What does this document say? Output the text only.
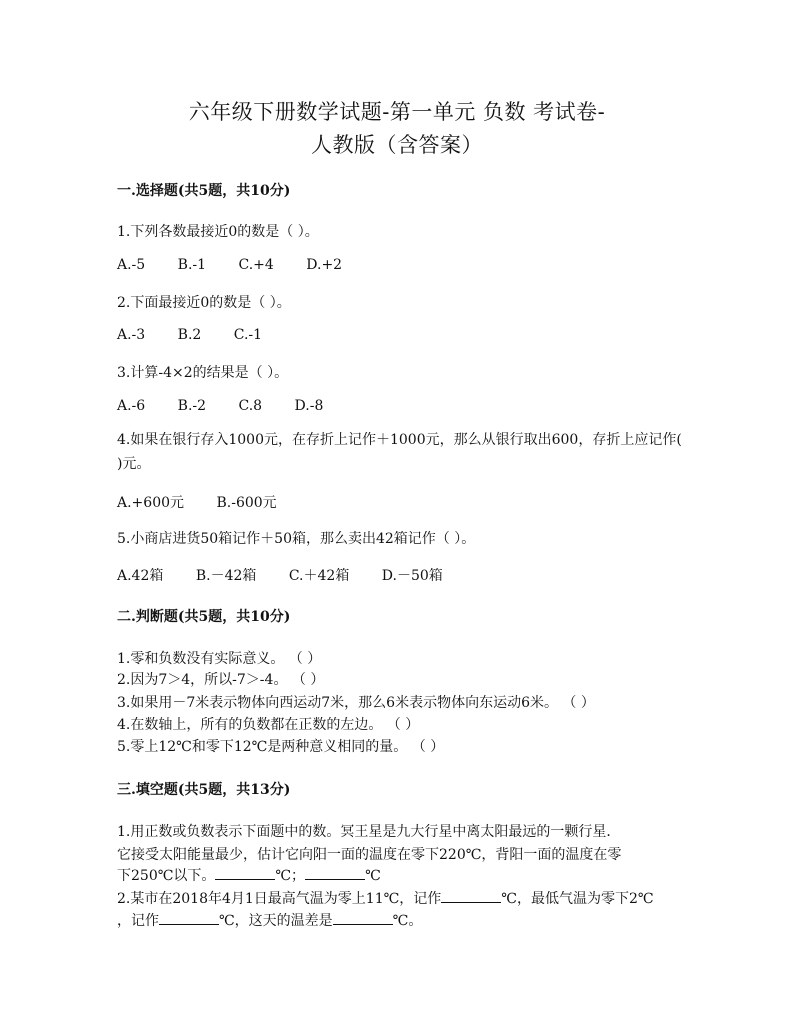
六年级下册数学试题-第一单元 负数 考试卷-
人教版（含答案）
一.选择题(共5题，共10分)
1.下列各数最接近0的数是（ ）。
A.-5 B.-1 C.+4 D.+2
2.下面最接近0的数是（ ）。
A.-3 B.2 C.-1
3.计算-4×2的结果是（ ）。
A.-6 B.-2 C.8 D.-8
4.如果在银行存入1000元，在存折上记作＋1000元，那么从银行取出600，存折上应记作( )元。
A.+600元 B.-600元
5.小商店进货50箱记作＋50箱，那么卖出42箱记作（ ）。
A.42箱 B.－42箱 C.＋42箱 D.－50箱
二.判断题(共5题，共10分)
1.零和负数没有实际意义。 （ ）
2.因为7＞4，所以-7＞-4。 （ ）
3.如果用－7米表示物体向西运动7米，那么6米表示物体向东运动6米。 （ ）
4.在数轴上，所有的负数都在正数的左边。 （ ）
5.零上12℃和零下12℃是两种意义相同的量。 （ ）
三.填空题(共5题，共13分)
1.用正数或负数表示下面题中的数。冥王星是九大行星中离太阳最远的一颗行星．
它接受太阳能量最少，估计它向阳一面的温度在零下220℃，背阳一面的温度在零
下250℃以下。	℃；	℃
2.某市在2018年4月1日最高气温为零上11℃，记作	℃，最低气温为零下2℃
，记作	℃，这天的温差是	℃。
